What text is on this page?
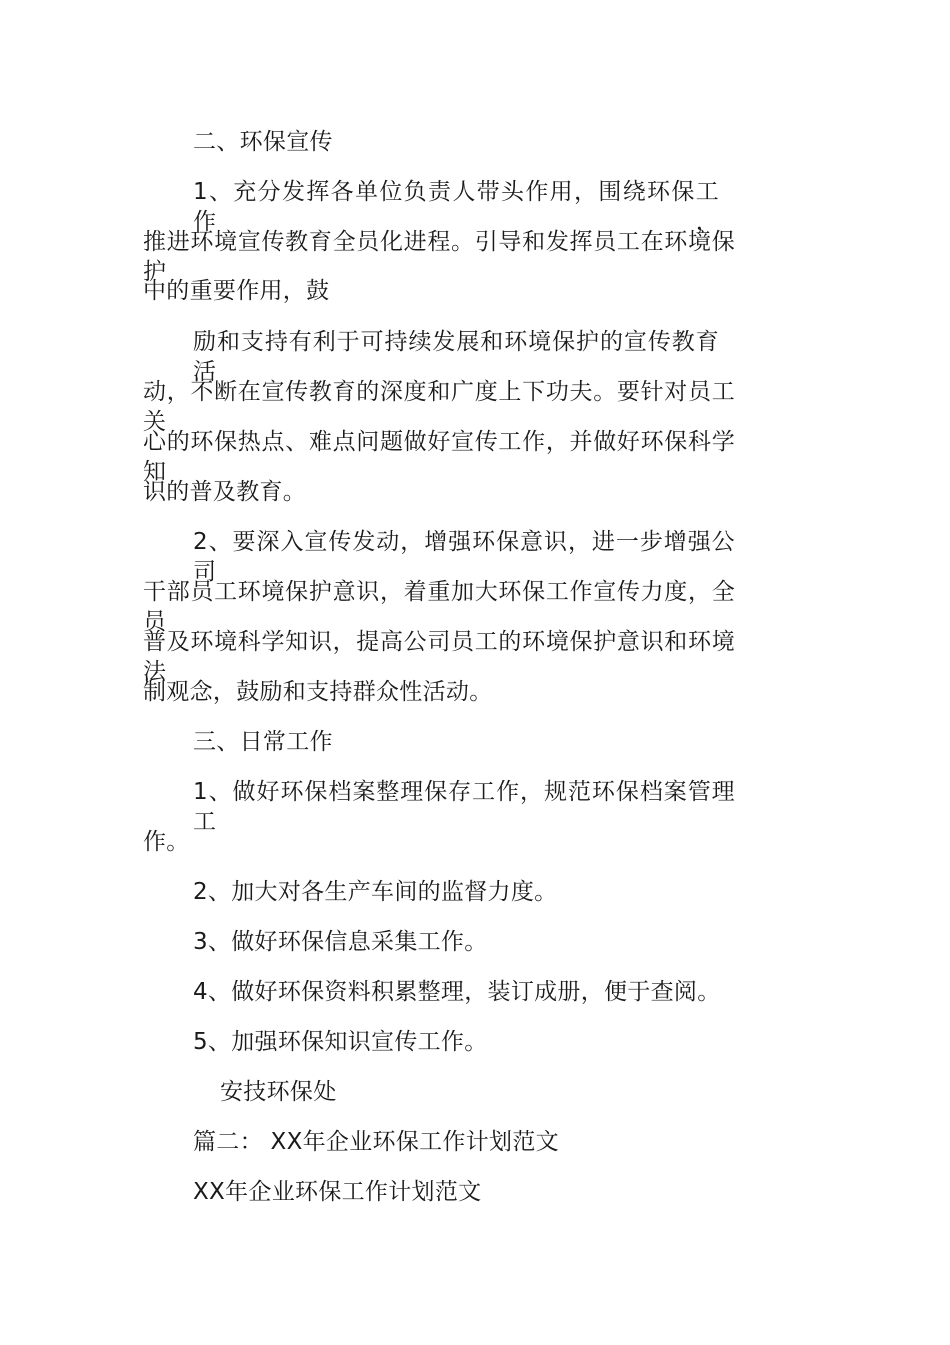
二、环保宣传
1、充分发挥各单位负责人带头作用，围绕环保工作，
推进环境宣传教育全员化进程。引导和发挥员工在环境保护
中的重要作用，鼓
励和支持有利于可持续发展和环境保护的宣传教育活
动，不断在宣传教育的深度和广度上下功夫。要针对员工关
心的环保热点、难点问题做好宣传工作，并做好环保科学知
识的普及教育。
2、要深入宣传发动，增强环保意识，进一步增强公司
干部员工环境保护意识，着重加大环保工作宣传力度，全员
普及环境科学知识，提高公司员工的环境保护意识和环境法
制观念，鼓励和支持群众性活动。
三、日常工作
1、做好环保档案整理保存工作，规范环保档案管理工
作。
2、加大对各生产车间的监督力度。
3、做好环保信息采集工作。
4、做好环保资料积累整理，装订成册，便于查阅。
5、加强环保知识宣传工作。
安技环保处
篇二： XX年企业环保工作计划范文
XX年企业环保工作计划范文
